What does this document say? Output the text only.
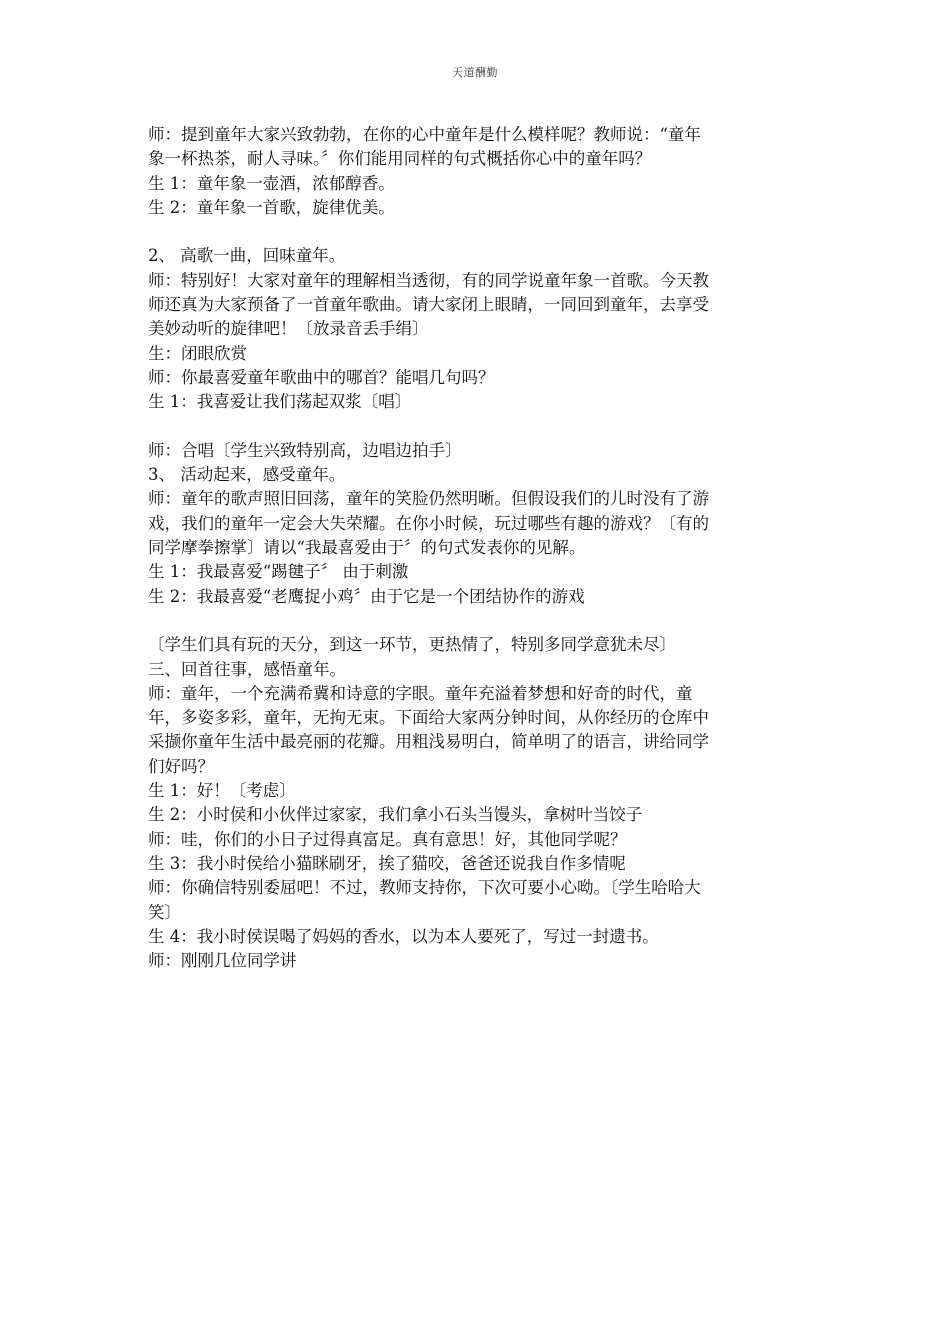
天道酬勤
师：提到童年大家兴致勃勃，在你的心中童年是什么模样呢？教师说：“童年
象一杯热茶，耐人寻味。〞你们能用同样的句式概括你心中的童年吗？
生 1：童年象一壶酒，浓郁醇香。
生 2：童年象一首歌，旋律优美。
2、 高歌一曲，回味童年。
师：特别好！大家对童年的理解相当透彻，有的同学说童年象一首歌。今天教
师还真为大家预备了一首童年歌曲。请大家闭上眼睛，一同回到童年，去享受
美妙动听的旋律吧！〔放录音丢手绢〕
生：闭眼欣赏
师：你最喜爱童年歌曲中的哪首？能唱几句吗？
生 1：我喜爱让我们荡起双浆〔唱〕
师：合唱〔学生兴致特别高，边唱边拍手〕
3、 活动起来，感受童年。
师：童年的歌声照旧回荡，童年的笑脸仍然明晰。但假设我们的儿时没有了游
戏，我们的童年一定会大失荣耀。在你小时候，玩过哪些有趣的游戏？〔有的
同学摩拳擦掌〕请以“我最喜爱由于〞的句式发表你的见解。
生 1：我最喜爱“踢毽子〞 由于刺激
生 2：我最喜爱“老鹰捉小鸡〞由于它是一个团结协作的游戏
〔学生们具有玩的天分，到这一环节，更热情了，特别多同学意犹未尽〕
三、回首往事，感悟童年。
师：童年，一个充满希冀和诗意的字眼。童年充溢着梦想和好奇的时代，童
年，多姿多彩，童年，无拘无束。下面给大家两分钟时间，从你经历的仓库中
采撷你童年生活中最亮丽的花瓣。用粗浅易明白，简单明了的语言，讲给同学
们好吗？
生 1：好！〔考虑〕
生 2：小时侯和小伙伴过家家，我们拿小石头当馒头，拿树叶当饺子
师：哇，你们的小日子过得真富足。真有意思！好，其他同学呢？
生 3：我小时侯给小猫眯刷牙，挨了猫咬，爸爸还说我自作多情呢
师：你确信特别委屈吧！不过，教师支持你，下次可要小心呦。〔学生哈哈大
笑〕
生 4：我小时侯误喝了妈妈的香水，以为本人要死了，写过一封遗书。
师：刚刚几位同学讲
